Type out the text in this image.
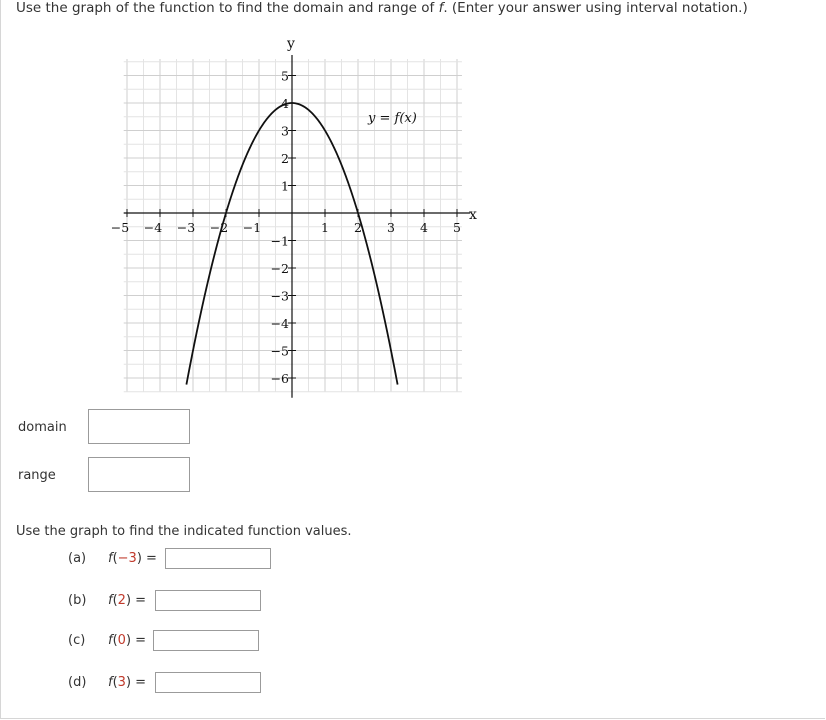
Use the graph of the function to find the domain and range of f. (Enter your answer using interval notation.)
−5 −4 −3 −2 −1	1 2 3 4 5
5
4
3
2
1
−1
−2
−3
−4
−5
−6
y = f(x)
x
y
domain
range
Use the graph to find the indicated function values.
(a) f(−3) =
(b) f(2) =
(c) f(0) =
(d) f(3) =
